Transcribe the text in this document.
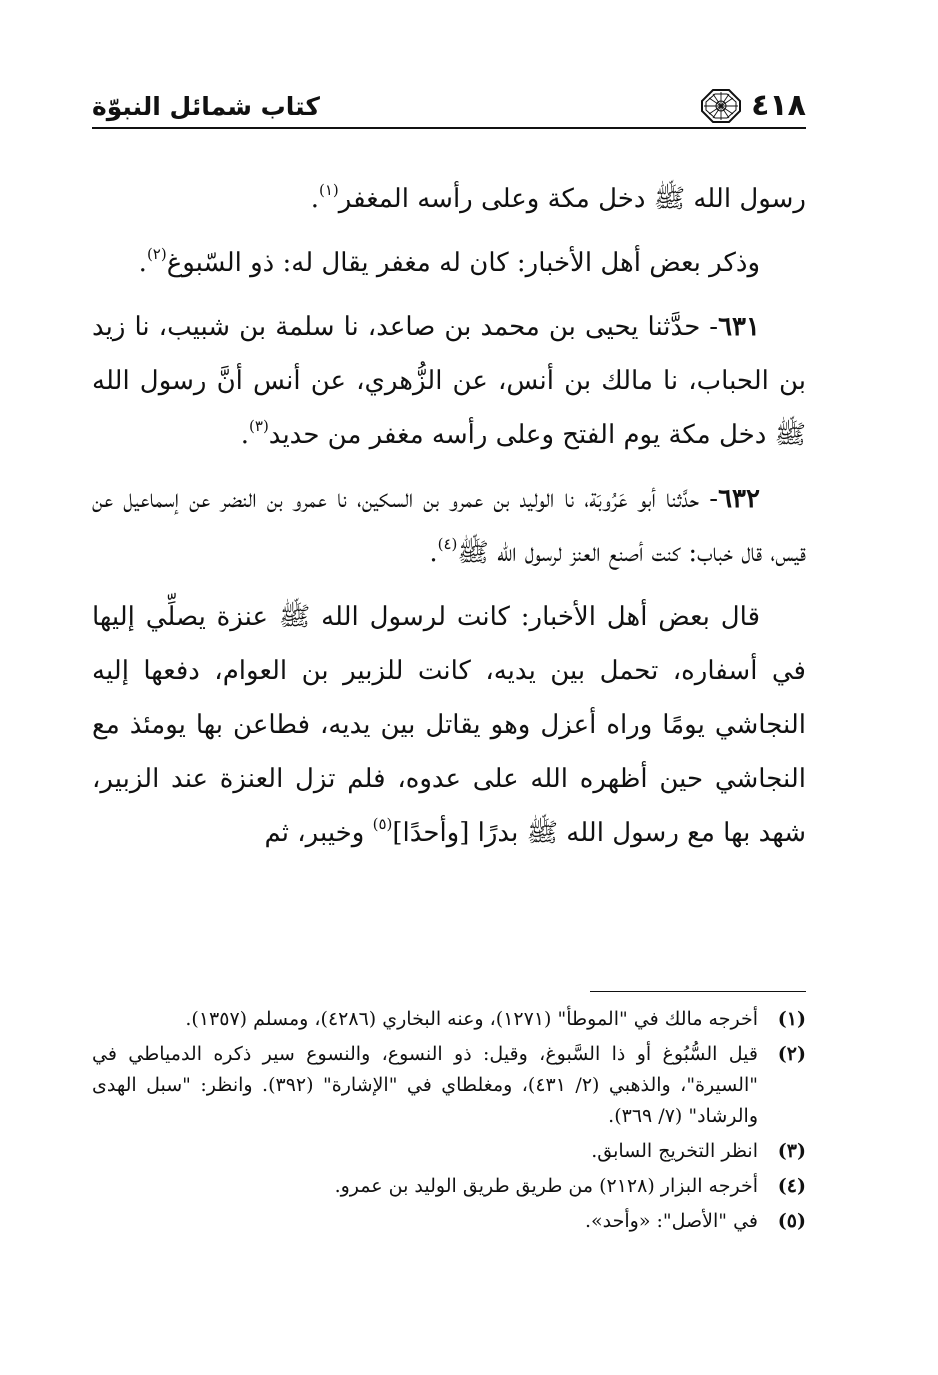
٤١٨
كتاب شمائل النبوّة

رسول الله ﷺ دخل مكة وعلى رأسه المغفر$^{(١)}$.

وذكر بعض أهل الأخبار: كان له مغفر يقال له: ذو السّبوغ$^{(٢)}$.

٦٣١- حدَّثنا يحيى بن محمد بن صاعد، نا سلمة بن شبيب، نا زيد بن الحباب، نا مالك بن أنس، عن الزُّهري، عن أنس أنَّ رسول الله ﷺ دخل مكة يوم الفتح وعلى رأسه مغفر من حديد$^{(٣)}$.

٦٣٢- حدَّثنا أبو عَرُوبَة، نا الوليد بن عمرو بن السكين، نا عمرو بن النضر عن إسماعيل عن قيس، قال خباب: كنت أصنع العنز لرسول الله ﷺ$^{(٤)}$.

قال بعض أهل الأخبار: كانت لرسول الله ﷺ عنزة يصلِّي إليها في أسفاره، تحمل بين يديه، كانت للزبير بن العوام، دفعها إليه النجاشي يومًا وراه أعزل وهو يقاتل بين يديه، فطاعن بها يومئذ مع النجاشي حين أظهره الله على عدوه، فلم تزل العنزة عند الزبير، شهد بها مع رسول الله ﷺ بدرًا [وأحدًا]$^{(٥)}$ وخيبر، ثم

(١)
أخرجه مالك في "الموطأ" (١٢٧١)، وعنه البخاري (٤٢٨٦)، ومسلم (١٣٥٧).
(٢)
قيل السُّبُوغ أو ذا السَّبوغ، وقيل: ذو النسوع، والنسوع سير ذكره الدمياطي في "السيرة"، والذهبي (٢/ ٤٣١)، ومغلطاي في "الإشارة" (٣٩٢). وانظر: "سبل الهدى والرشاد" (٧/ ٣٦٩).
(٣)
انظر التخريج السابق.
(٤)
أخرجه البزار (٢١٢٨) من طريق طريق الوليد بن عمرو.
(٥)
في "الأصل": «وأحد».
